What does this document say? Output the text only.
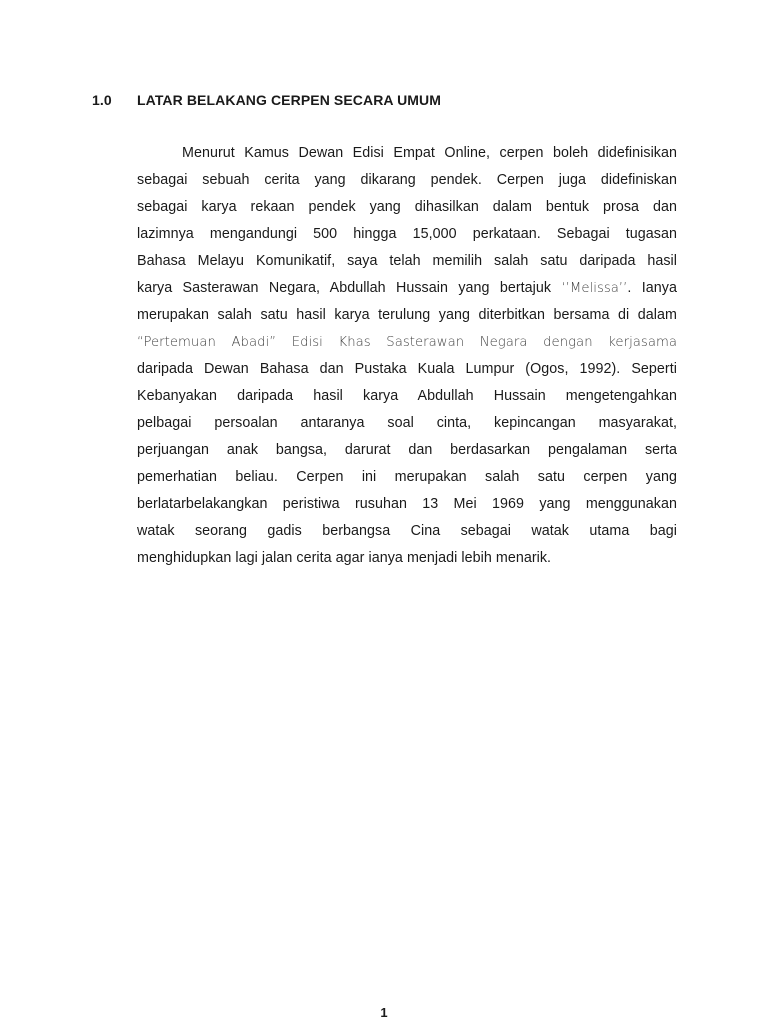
1.0	LATAR BELAKANG CERPEN SECARA UMUM
Menurut Kamus Dewan Edisi Empat Online, cerpen boleh didefinisikan
sebagai sebuah cerita yang dikarang pendek. Cerpen juga didefiniskan
sebagai karya rekaan pendek yang dihasilkan dalam bentuk prosa dan
lazimnya mengandungi 500 hingga 15,000 perkataan. Sebagai tugasan
Bahasa Melayu Komunikatif, saya telah memilih salah satu daripada hasil
karya Sasterawan Negara, Abdullah Hussain yang bertajuk ‘’Melissa’’. Ianya
merupakan salah satu hasil karya terulung yang diterbitkan bersama di dalam
“Pertemuan Abadi” Edisi Khas Sasterawan Negara dengan kerjasama
daripada Dewan Bahasa dan Pustaka Kuala Lumpur (Ogos, 1992). Seperti
Kebanyakan daripada hasil karya Abdullah Hussain mengetengahkan
pelbagai persoalan antaranya soal cinta, kepincangan masyarakat,
perjuangan anak bangsa, darurat dan berdasarkan pengalaman serta
pemerhatian beliau. Cerpen ini merupakan salah satu cerpen yang
berlatarbelakangkan peristiwa rusuhan 13 Mei 1969 yang menggunakan
watak seorang gadis berbangsa Cina sebagai watak utama bagi
menghidupkan lagi jalan cerita agar ianya menjadi lebih menarik.
1
